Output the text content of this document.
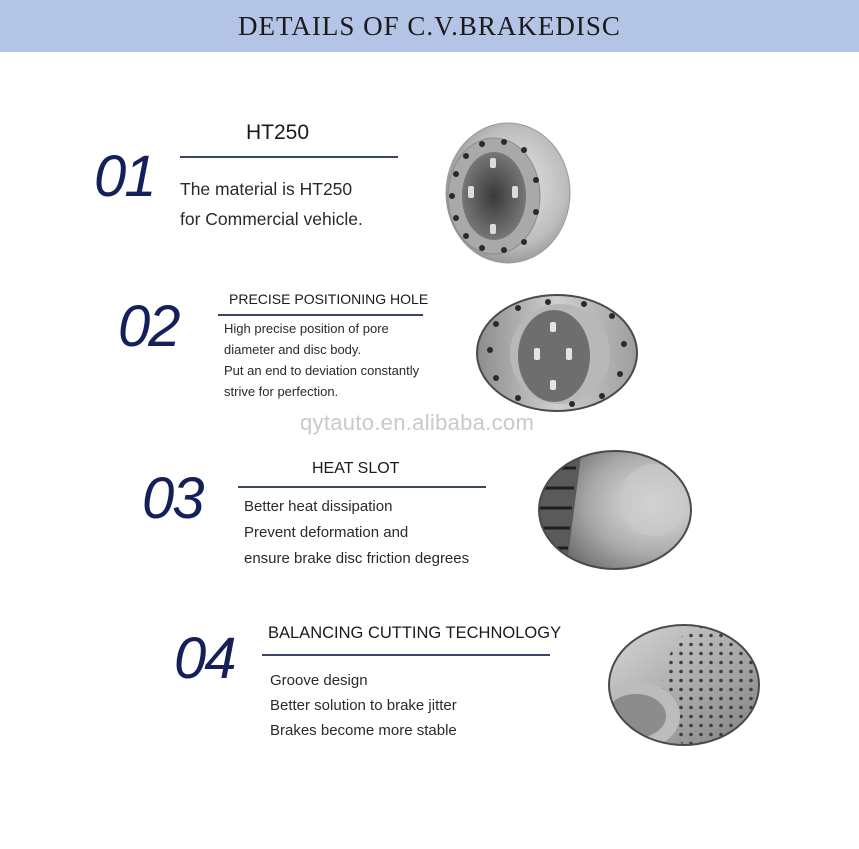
DETAILS OF C.V.BRAKEDISC
01
HT250
The material is HT250
for Commercial vehicle.
02	PRECISE POSITIONING HOLE
High precise position of pore
diameter and disc body.
Put an end to deviation constantly
strive for perfection.
qytauto.en.alibaba.com
03	HEAT SLOT
Better heat dissipation
Prevent deformation and
ensure brake disc friction degrees
04 BALANCING CUTTING TECHNOLOGY
Groove design
Better solution to brake jitter
Brakes become more stable
